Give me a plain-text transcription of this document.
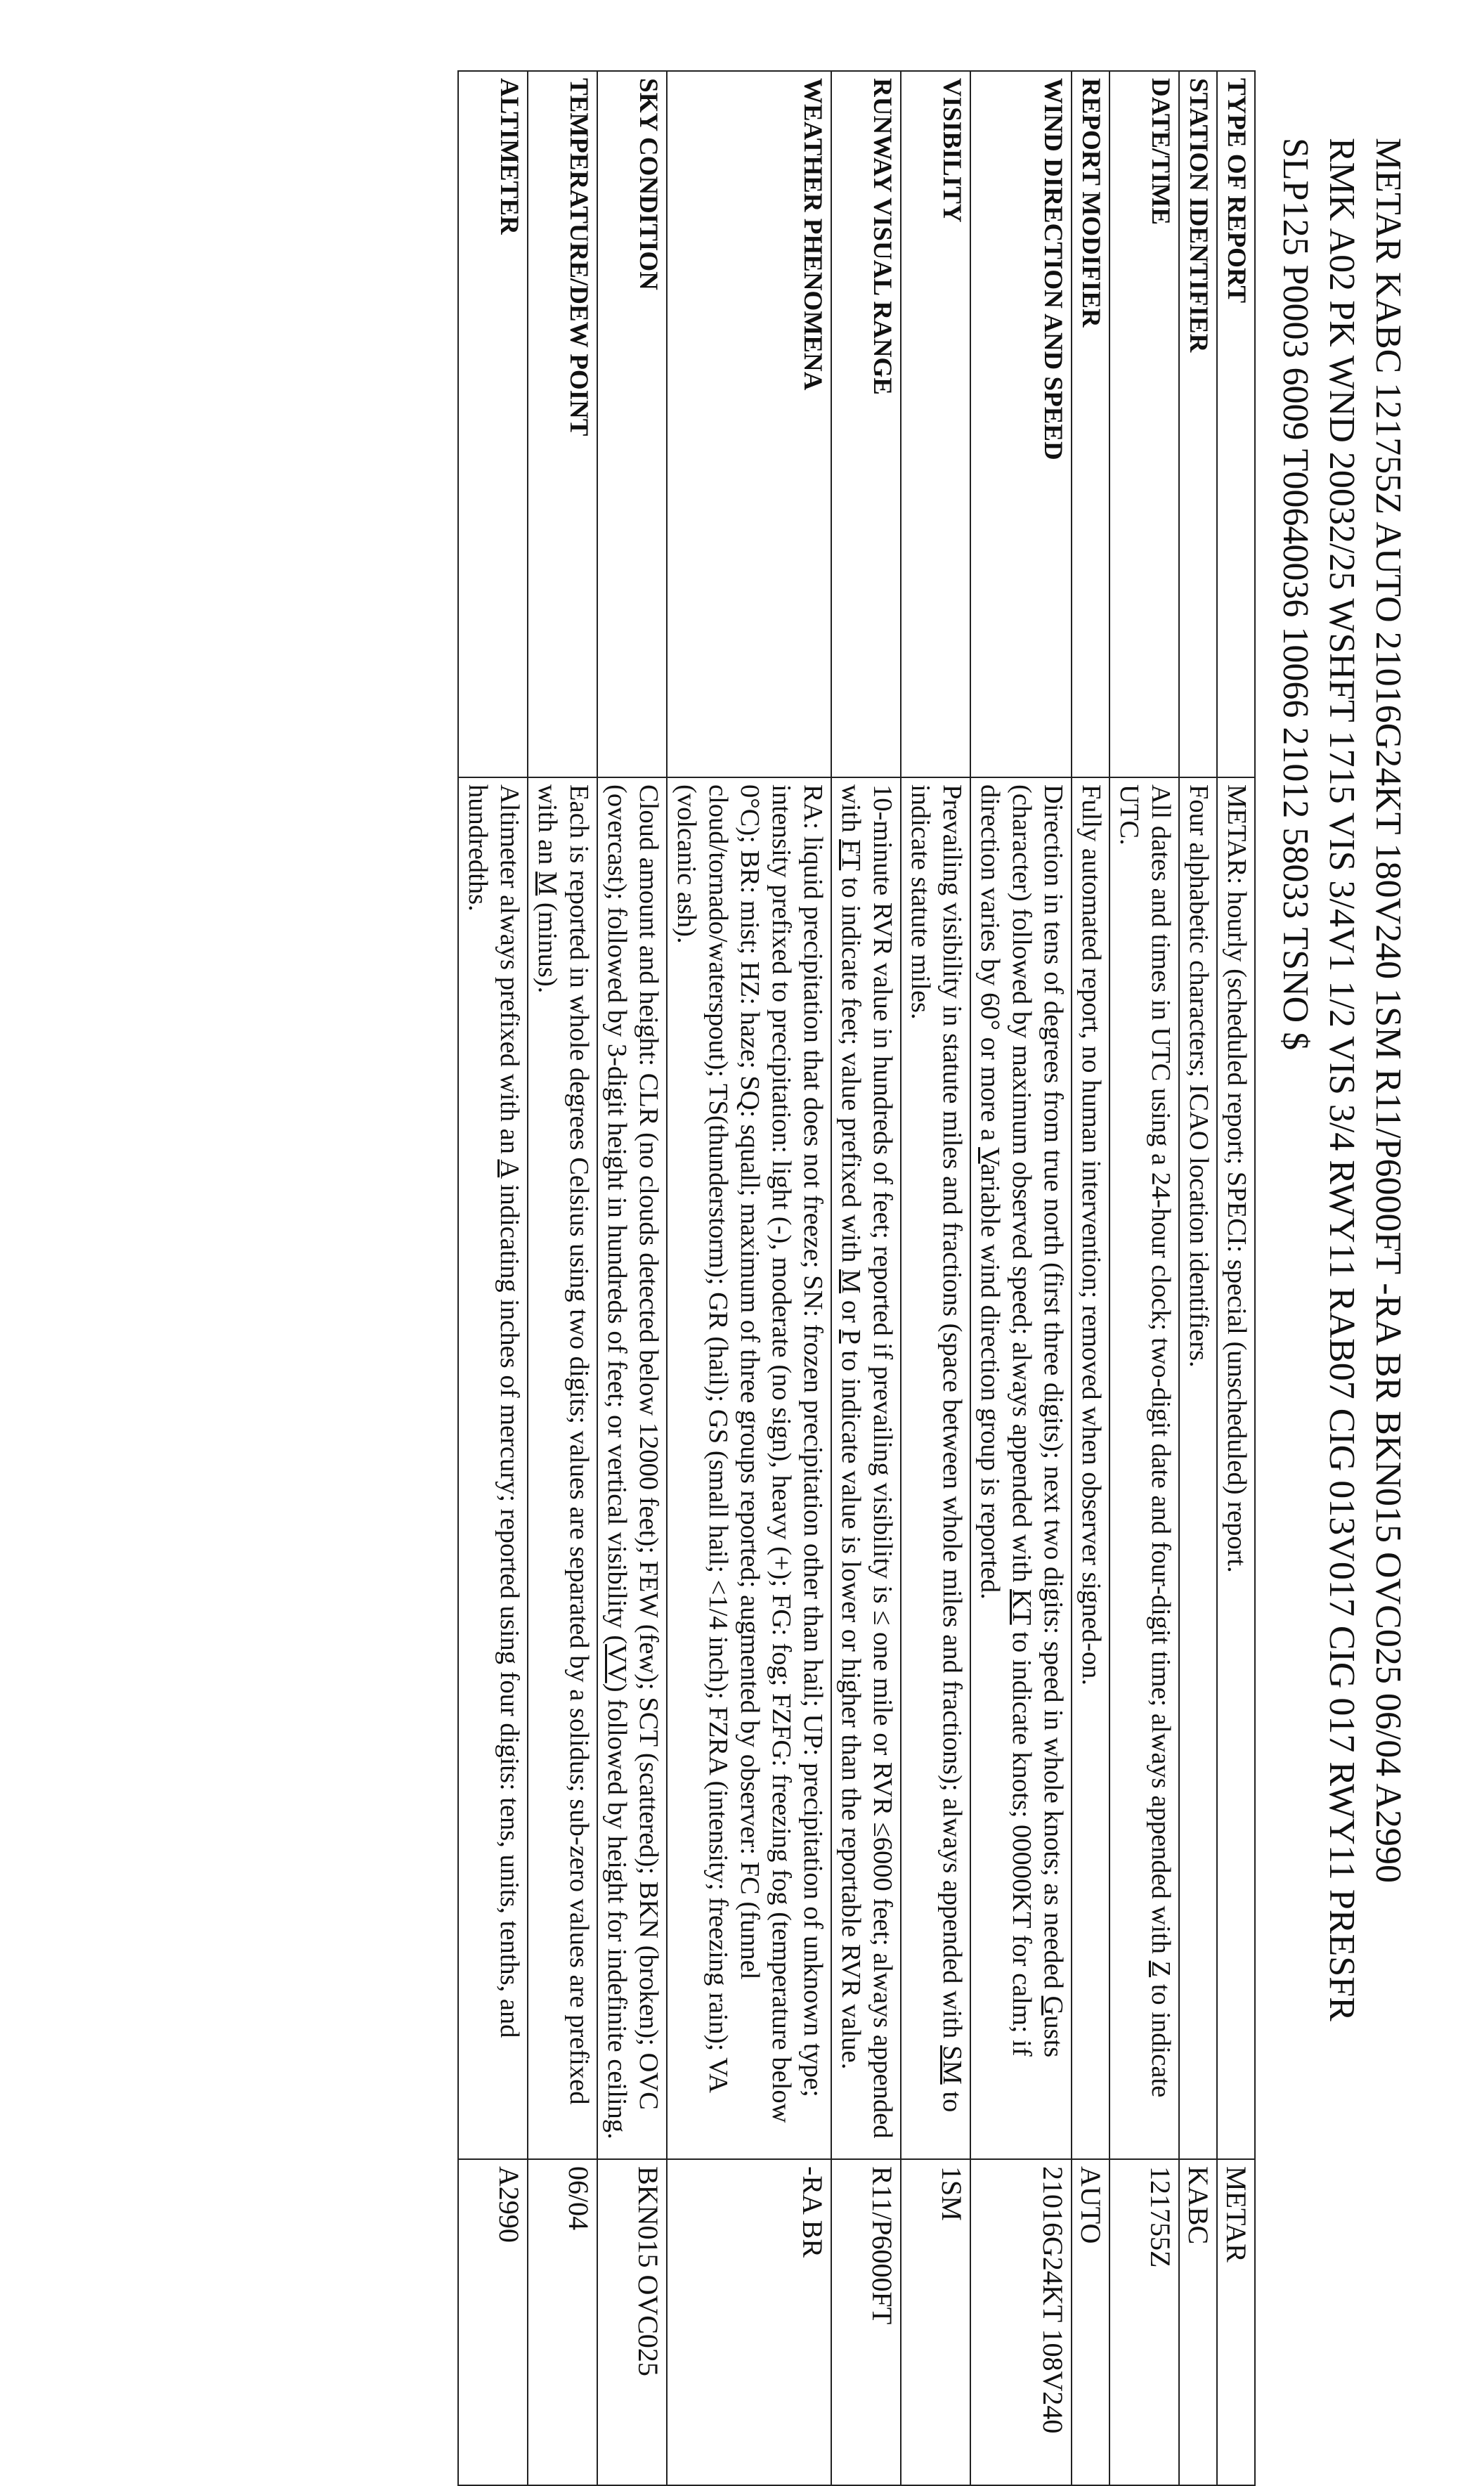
METAR KABC 121755Z AUTO 21016G24KT 180V240 1SM R11/P6000FT -RA BR BKN015 OVC025 06/04 A2990
RMK A02 PK WND 20032/25 WSHFT 1715 VIS 3/4V1 1/2 VIS 3/4 RWY11 RAB07 CIG 013V017 CIG 017 RWY11 PRESFR
SLP125 P0003 6009 T00640036 10066 21012 58033 TSNO $
TYPE OF REPORT	METAR: hourly (scheduled report; SPECI: special (unscheduled) report.	METAR
STATION IDENTIFIER	Four alphabetic characters; ICAO location identifiers.	KABC
DATE/TIME	All dates and times in UTC using a 24-hour clock; two-digit date and four-digit time; always appended with Z to indicate UTC.	121755Z
REPORT MODIFIER	Fully automated report, no human intervention; removed when observer signed-on.	AUTO
WIND DIRECTION AND SPEED	Direction in tens of degrees from true north (first three digits); next two digits: speed in whole knots; as needed Gusts (character) followed by maximum observed speed; always appended with KT to indicate knots; 00000KT for calm; if direction varies by 60° or more a Variable wind direction group is reported.	21016G24KT 108V240
VISIBILITY	Prevailing visibility in statute miles and fractions (space between whole miles and fractions); always appended with SM to indicate statute miles.	1SM
RUNWAY VISUAL RANGE	10-minute RVR value in hundreds of feet; reported if prevailing visibility is ≤ one mile or RVR ≤6000 feet; always appended with FT to indicate feet; value prefixed with M or P to indicate value is lower or higher than the reportable RVR value.	R11/P6000FT
WEATHER PHENOMENA	RA: liquid precipitation that does not freeze; SN: frozen precipitation other than hail; UP: precipitation of unknown type; intensity prefixed to precipitation: light (-), moderate (no sign), heavy (+); FG: fog; FZFG: freezing fog (temperature below 0°C); BR: mist; HZ: haze; SQ: squall; maximum of three groups reported; augmented by observer: FC (funnel cloud/tornado/waterspout); TS(thunderstorm); GR (hail); GS (small hail; <1/4 inch); FZRA (intensity; freezing rain); VA (volcanic ash).	-RA BR
SKY CONDITION	Cloud amount and height: CLR (no clouds detected below 12000 feet); FEW (few); SCT (scattered); BKN (broken); OVC (overcast); followed by 3-digit height in hundreds of feet; or vertical visibility (VV) followed by height for indefinite ceiling.	BKN015 OVC025
TEMPERATURE/DEW POINT	Each is reported in whole degrees Celsius using two digits; values are separated by a solidus; sub-zero values are prefixed with an M (minus).	06/04
ALTIMETER	Altimeter always prefixed with an A indicating inches of mercury; reported using four digits: tens, units, tenths, and hundredths.	A2990
